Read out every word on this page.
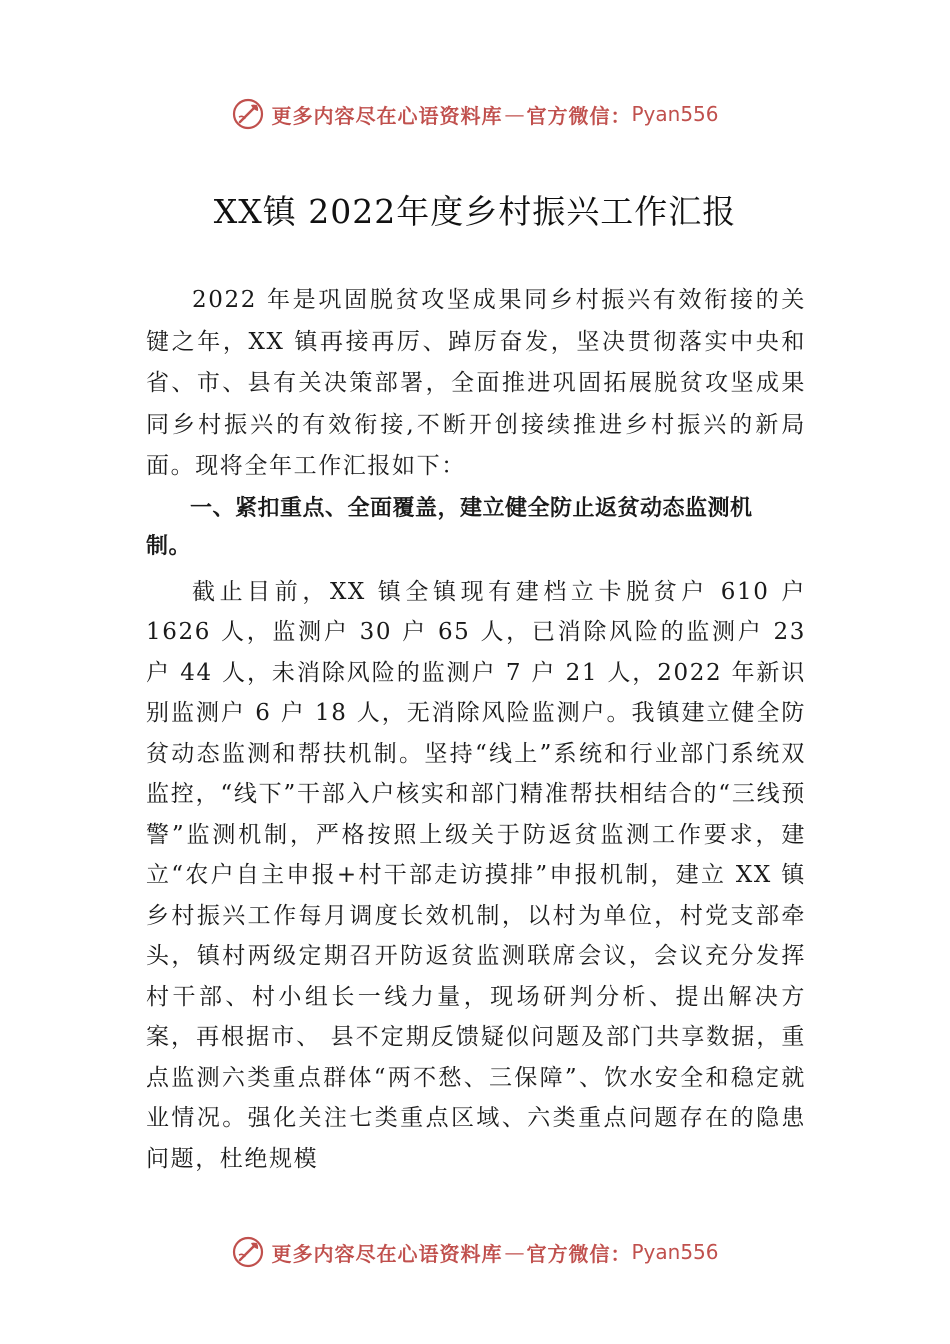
更多内容尽在心语资料库 — 官方微信： Pyan556
XX镇 2022年度乡村振兴工作汇报

2022 年是巩固脱贫攻坚成果同乡村振兴有效衔接的关键之年，XX 镇再接再厉、踔厉奋发，坚决贯彻落实中央和省、市、县有关决策部署，全面推进巩固拓展脱贫攻坚成果同乡村振兴的有效衔接,不断开创接续推进乡村振兴的新局面。现将全年工作汇报如下：

一、紧扣重点、全面覆盖，建立健全防止返贫动态监测机制。

截止目前，XX 镇全镇现有建档立卡脱贫户 610 户 1626 人，监测户 30 户 65 人，已消除风险的监测户 23 户 44 人，未消除风险的监测户 7 户 21 人，2022 年新识别监测户 6 户 18 人，无消除风险监测户。我镇建立健全防贫动态监测和帮扶机制。坚持“线上”系统和行业部门系统双监控，“线下”干部入户核实和部门精准帮扶相结合的“三线预警”监测机制，严格按照上级关于防返贫监测工作要求，建立“农户自主申报+村干部走访摸排”申报机制，建立 XX 镇乡村振兴工作每月调度长效机制，以村为单位，村党支部牵头，镇村两级定期召开防返贫监测联席会议，会议充分发挥村干部、村小组长一线力量，现场研判分析、提出解决方案，再根据市、 县不定期反馈疑似问题及部门共享数据，重点监测六类重点群体“两不愁、三保障”、饮水安全和稳定就业情况。强化关注七类重点区域、六类重点问题存在的隐患问题，杜绝规模

更多内容尽在心语资料库 — 官方微信： Pyan556
